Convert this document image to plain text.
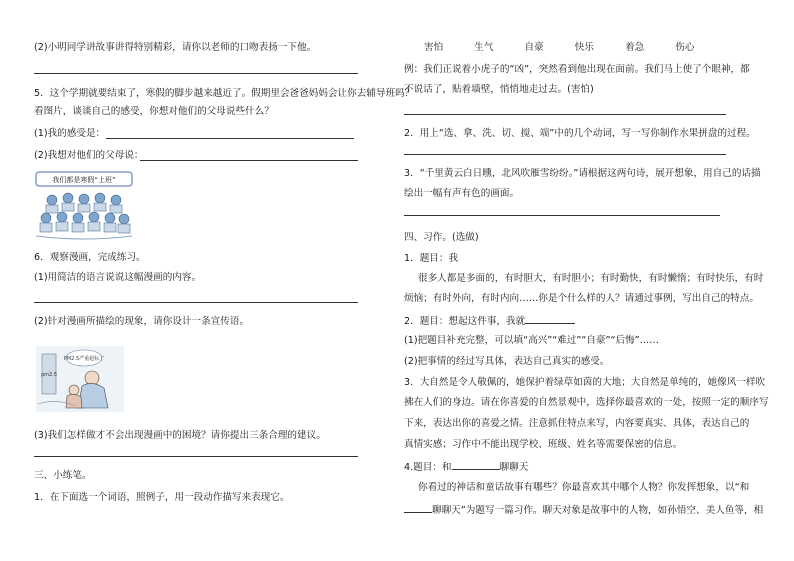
(2)小明同学讲故事讲得特别精彩，请你以老师的口吻表扬一下他。
5．这个学期就要结束了，寒假的脚步越来越近了。假期里会爸爸妈妈会让你去辅导班吗？
看图片，谈谈自己的感受，你想对他们的父母说些什么？
(1)我的感受是：
(2)我想对他们的父母说：
我们都是寒假“上班”
6．观察漫画，完成练习。
(1)用简洁的语言说说这幅漫画的内容。
(2)针对漫画所描绘的现象，请你设计一条宣传语。
pm2.5
PM2.5严重超标了
(3)我们怎样做才不会出现漫画中的困境？请你提出三条合理的建议。
三、小练笔。
1．在下面选一个词语，照例子，用一段动作描写来表现它。
害怕	生气	自豪	快乐	着急	伤心
例：我们正说着小虎子的“凶”，突然看到他出现在面前。我们马上使了个眼神，都
不说话了，贴着墙壁，悄悄地走过去。(害怕)
2．用上“选、拿、洗、切、搅、端”中的几个动词，写一写你制作水果拼盘的过程。
3．“千里黄云白日曛，北风吹雁雪纷纷。”请根据这两句诗，展开想象，用自己的话描
绘出一幅有声有色的画面。
四、习作。(选做)
1．题目：我
很多人都是多面的，有时胆大，有时胆小；有时勤快，有时懒惰；有时快乐，有时
烦恼；有时外向，有时内向……你是个什么样的人？请通过事例，写出自己的特点。
2．题目：想起这件事，我就
(1)把题目补充完整，可以填“高兴”“难过”“自豪”“后悔”……
(2)把事情的经过写具体，表达自己真实的感受。
3．大自然是令人敬佩的，她保护着绿草如茵的大地；大自然是单纯的，她像风一样吹
拂在人们的身边。请在你喜爱的自然景观中，选择你最喜欢的一处，按照一定的顺序写
下来，表达出你的喜爱之情。注意抓住特点来写，内容要真实、具体，表达自己的
真情实感；习作中不能出现学校、班级、姓名等需要保密的信息。
4.题目：和	聊聊天
你看过的神话和童话故事有哪些？你最喜欢其中哪个人物？你发挥想象，以“和
聊聊天”为题写一篇习作。聊天对象是故事中的人物，如孙悟空、美人鱼等，相
